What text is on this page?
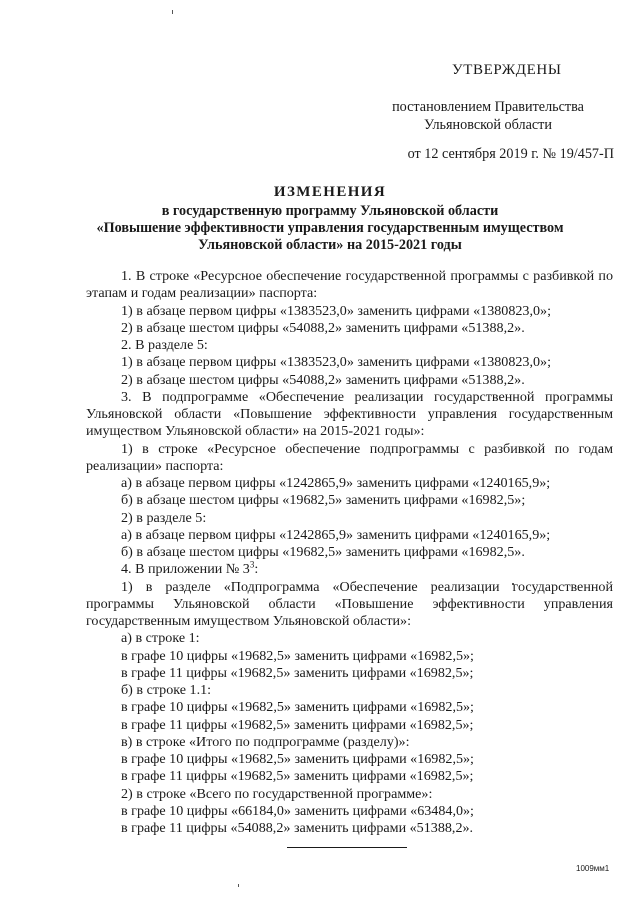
УТВЕРЖДЕНЫ
постановлением Правительства
Ульяновской области
от 12 сентября 2019 г. № 19/457-П
ИЗМЕНЕНИЯ
в государственную программу Ульяновской области
«Повышение эффективности управления государственным имуществом
Ульяновской области» на 2015-2021 годы

1. В строке «Ресурсное обеспечение государственной программы с разбивкой по этапам и годам реализации» паспорта:

1) в абзаце первом цифры «1383523,0» заменить цифрами «1380823,0»;

2) в абзаце шестом цифры «54088,2» заменить цифрами «51388,2».

2. В разделе 5:

1) в абзаце первом цифры «1383523,0» заменить цифрами «1380823,0»;

2) в абзаце шестом цифры «54088,2» заменить цифрами «51388,2».

3. В подпрограмме «Обеспечение реализации государственной программы Ульяновской области «Повышение эффективности управления государственным имуществом Ульяновской области» на 2015-2021 годы»:

1) в строке «Ресурсное обеспечение подпрограммы с разбивкой по годам реализации» паспорта:

а) в абзаце первом цифры «1242865,9» заменить цифрами «1240165,9»;

б) в абзаце шестом цифры «19682,5» заменить цифрами «16982,5»;

2) в разделе 5:

а) в абзаце первом цифры «1242865,9» заменить цифрами «1240165,9»;

б) в абзаце шестом цифры «19682,5» заменить цифрами «16982,5».

4. В приложении № $3^3$:

1) в разделе «Подпрограмма «Обеспечение реализации государственной программы Ульяновской области «Повышение эффективности управления государственным имуществом Ульяновской области»:

а) в строке 1:

в графе 10 цифры «19682,5» заменить цифрами «16982,5»;

в графе 11 цифры «19682,5» заменить цифрами «16982,5»;

б) в строке 1.1:

в графе 10 цифры «19682,5» заменить цифрами «16982,5»;

в графе 11 цифры «19682,5» заменить цифрами «16982,5»;

в) в строке «Итого по подпрограмме (разделу)»:

в графе 10 цифры «19682,5» заменить цифрами «16982,5»;

в графе 11 цифры «19682,5» заменить цифрами «16982,5»;

2) в строке «Всего по государственной программе»:

в графе 10 цифры «66184,0» заменить цифрами «63484,0»;

в графе 11 цифры «54088,2» заменить цифрами «51388,2».

1009мм1
